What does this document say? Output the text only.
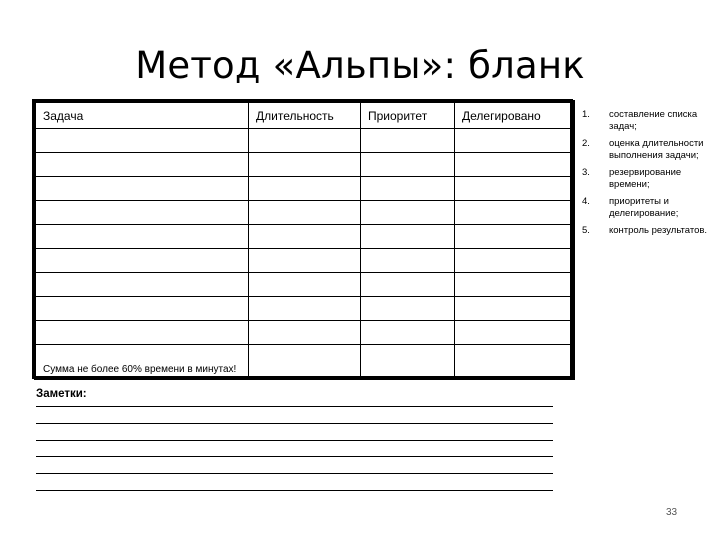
Метод «Альпы»: бланк
Задача	Длительность	Приоритет	Делегировано

Сумма не более 60% времени в минутах!			
1.	составление списка задач;
2.	оценка длительности выполнения задачи;
3.	резервирование времени;
4.	приоритеты и делегирование;
5.	контроль результатов.
Заметки:
33
